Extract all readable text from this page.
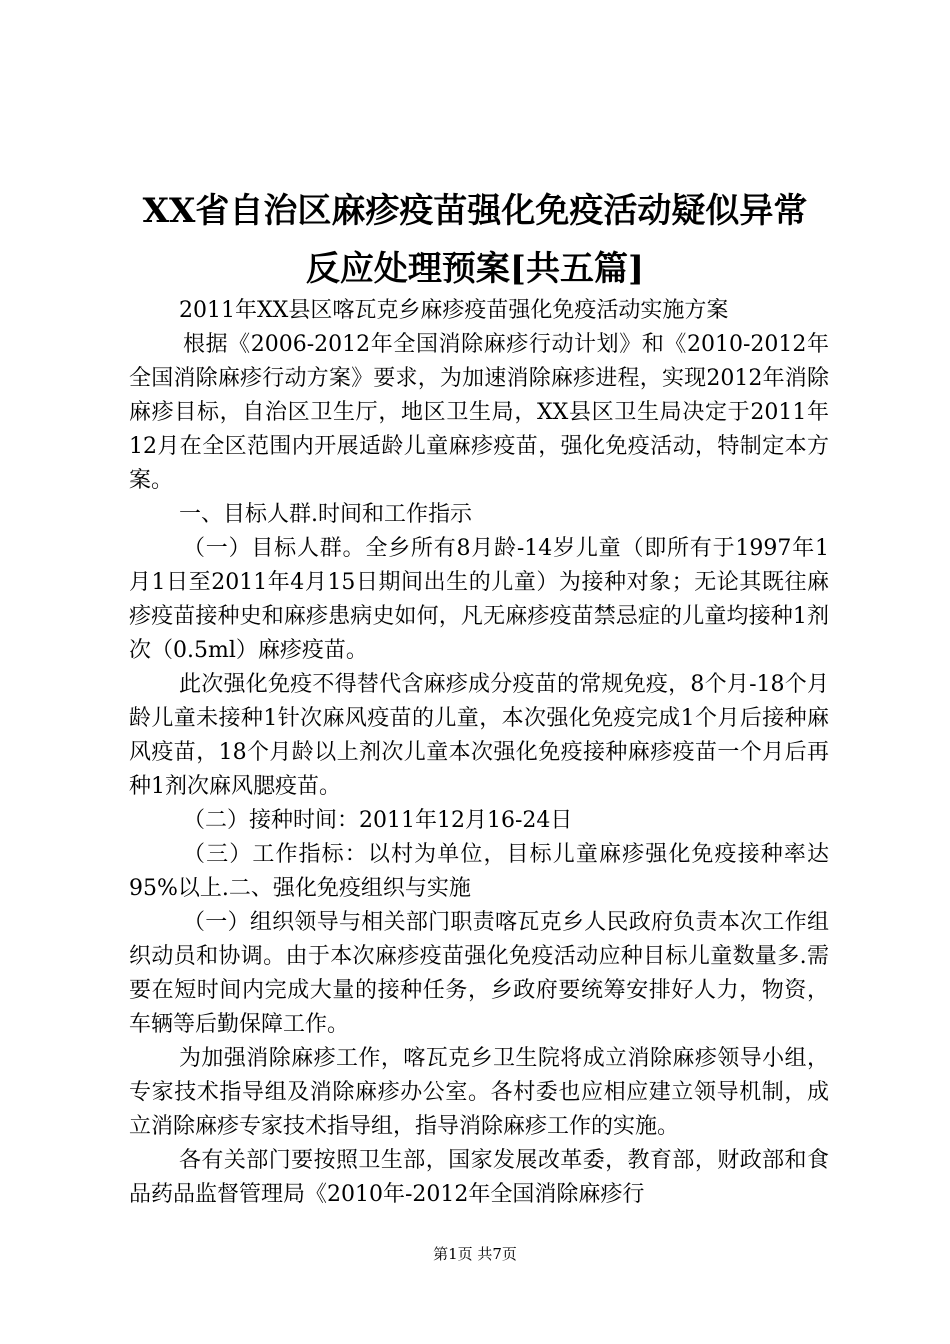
XX省自治区麻疹疫苗强化免疫活动疑似异常
反应处理预案[共五篇]

2011年XX县区喀瓦克乡麻疹疫苗强化免疫活动实施方案

根据《2006-2012年全国消除麻疹行动计划》和《2010-2012年全国消除麻疹行动方案》要求，为加速消除麻疹进程，实现2012年消除麻疹目标，自治区卫生厅，地区卫生局，XX县区卫生局决定于2011年12月在全区范围内开展适龄儿童麻疹疫苗，强化免疫活动，特制定本方案。

一、目标人群.时间和工作指示

（一）目标人群。全乡所有8月龄-14岁儿童（即所有于1997年1月1日至2011年4月15日期间出生的儿童）为接种对象；无论其既往麻疹疫苗接种史和麻疹患病史如何，凡无麻疹疫苗禁忌症的儿童均接种1剂次（0.5ml）麻疹疫苗。

此次强化免疫不得替代含麻疹成分疫苗的常规免疫，8个月-18个月龄儿童未接种1针次麻风疫苗的儿童，本次强化免疫完成1个月后接种麻风疫苗，18个月龄以上剂次儿童本次强化免疫接种麻疹疫苗一个月后再种1剂次麻风腮疫苗。

（二）接种时间：2011年12月16-24日

（三）工作指标：以村为单位，目标儿童麻疹强化免疫接种率达95%以上.二、强化免疫组织与实施

（一）组织领导与相关部门职责喀瓦克乡人民政府负责本次工作组织动员和协调。由于本次麻疹疫苗强化免疫活动应种目标儿童数量多.需要在短时间内完成大量的接种任务，乡政府要统筹安排好人力，物资，车辆等后勤保障工作。

为加强消除麻疹工作，喀瓦克乡卫生院将成立消除麻疹领导小组，专家技术指导组及消除麻疹办公室。各村委也应相应建立领导机制，成立消除麻疹专家技术指导组，指导消除麻疹工作的实施。

各有关部门要按照卫生部，国家发展改革委，教育部，财政部和食品药品监督管理局《2010年-2012年全国消除麻疹行

第1页 共7页
